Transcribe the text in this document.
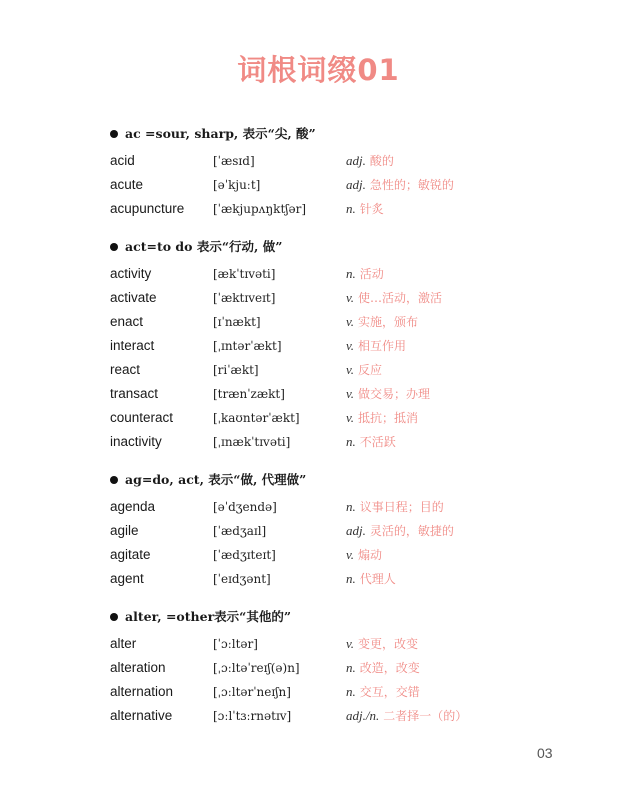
词根词缀01
ac =sour, sharp, 表示“尖, 酸”
acid	[ˈæsɪd]	adj. 酸的
acute	[əˈkjuːt]	adj. 急性的；敏锐的
acupuncture [ˈækjupʌŋktʃər]	n. 针炙
act=to do 表示“行动, 做”
activity	[ækˈtɪvəti]	n. 活动
activate	[ˈæktɪveɪt]	v. 使…活动，激活
enact	[ɪˈnækt]	v. 实施，颁布
interact	[ˌɪntərˈækt]	v. 相互作用
react	[riˈækt]	v. 反应
transact	[trænˈzækt]	v. 做交易；办理
counteract	[ˌkaʊntərˈækt]	v. 抵抗；抵消
inactivity	[ˌɪnækˈtɪvəti]	n. 不活跃
ag=do, act, 表示“做, 代理做”
agenda	[əˈdʒendə]	n. 议事日程；目的
agile	[ˈædʒaɪl]	adj. 灵活的，敏捷的
agitate	[ˈædʒɪteɪt]	v. 煽动
agent	[ˈeɪdʒənt]	n. 代理人
alter, =other表示“其他的”
alter	[ˈɔːltər]	v. 变更，改变
alteration	[ˌɔːltəˈreɪʃ(ə)n]	n. 改造，改变
alternation	[ˌɔːltərˈneɪʃn]	n. 交互，交错
alternative	[ɔːlˈtɜːrnətɪv]	adj./n. 二者择一（的）
03
